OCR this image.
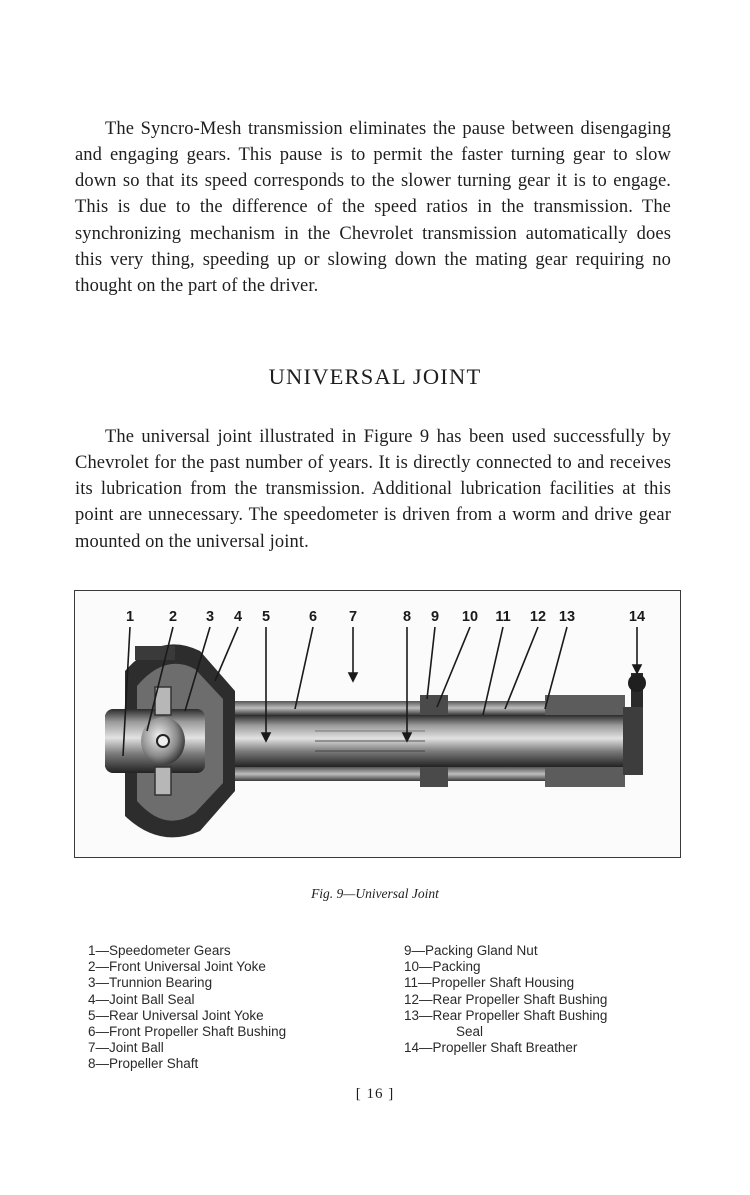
The Syncro-Mesh transmission eliminates the pause between disengaging and engaging gears. This pause is to permit the faster turning gear to slow down so that its speed corresponds to the slower turning gear it is to engage. This is due to the difference of the speed ratios in the transmission. The synchronizing mechanism in the Chevrolet transmission automatically does this very thing, speeding up or slowing down the mating gear requiring no thought on the part of the driver.

UNIVERSAL JOINT

The universal joint illustrated in Figure 9 has been used successfully by Chevrolet for the past number of years. It is directly connected to and receives its lubrication from the transmission. Additional lubrication facilities at this point are unnecessary. The speedometer is driven from a worm and drive gear mounted on the universal joint.

1 2 3 4 5	6 7	8 9 10 11 12 13	14
Fig. 9—Universal Joint
1—Speedometer Gears
2—Front Universal Joint Yoke
3—Trunnion Bearing
4—Joint Ball Seal
5—Rear Universal Joint Yoke
6—Front Propeller Shaft Bushing
7—Joint Ball
8—Propeller Shaft
9—Packing Gland Nut
10—Packing
11—Propeller Shaft Housing
12—Rear Propeller Shaft Bushing
13—Rear Propeller Shaft Bushing
Seal
14—Propeller Shaft Breather
[ 16 ]
